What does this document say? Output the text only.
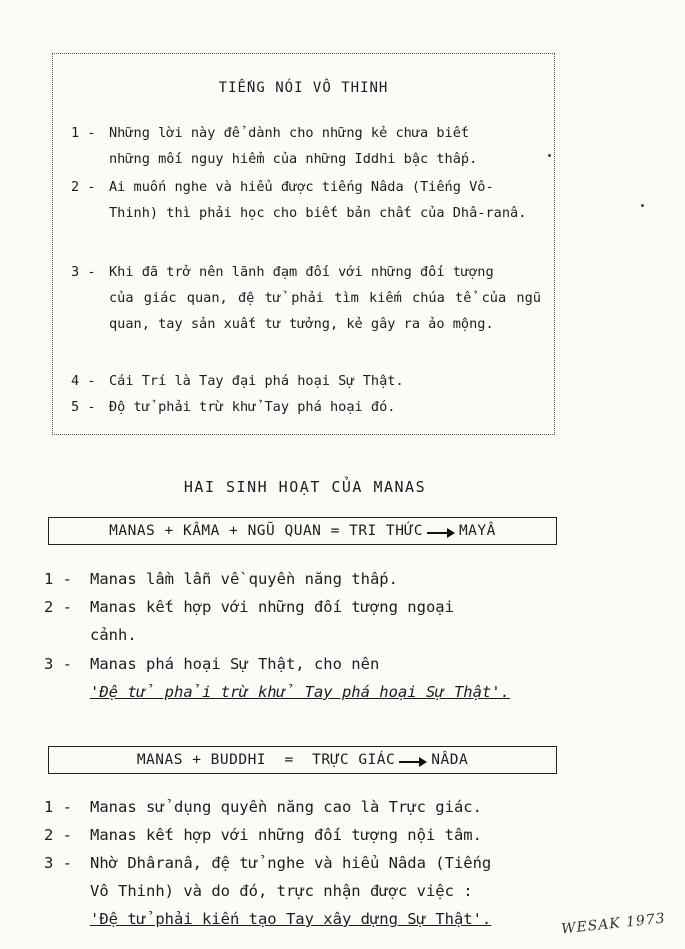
TIẾNG NÓI VÔ THINH
1 - Những lời này để dành cho những kẻ chưa biết
những mối nguy hiểm của những Iddhi bậc thấp.
2 - Ai muốn nghe và hiểu được tiếng Nâda (Tiếng Vô-
Thinh) thì phải học cho biết bản chất của Dhâ-ranâ.
3 - Khi đã trở nên lãnh đạm đối với những đối tượng
của giác quan, đệ tử phải tìm kiếm chúa tể của ngũ quan, tay sản xuất tư tưởng, kẻ gây ra ảo mộng.
4 - Cái Trí là Tay đại phá hoại Sự Thật.
5 - Độ tử phải trừ khử Tay phá hoại đó.
HAI SINH HOẠT CỦA MANAS
MANAS + KÂMA + NGŨ QUAN = TRI THỨC MAYÂ
1 - Manas lầm lẫn về quyền năng thấp.
2 - Manas kết hợp với những đối tượng ngoại
cảnh.
3 - Manas phá hoại Sự Thật, cho nên
'Đệ tử phải trừ khử Tay phá hoại Sự Thật'.
MANAS + BUDDHI  =  TRỰC GIÁC NÂDA
1 - Manas sử dụng quyền năng cao là Trực giác.
2 - Manas kết hợp với những đối tượng nội tâm.
3 - Nhờ Dhâranâ, đệ tử nghe và hiểu Nâda (Tiếng
Vô Thinh) và do đó, trực nhận được việc :
'Đệ tử phải kiến tạo Tay xây dựng Sự Thật'.	WESAK 1973
